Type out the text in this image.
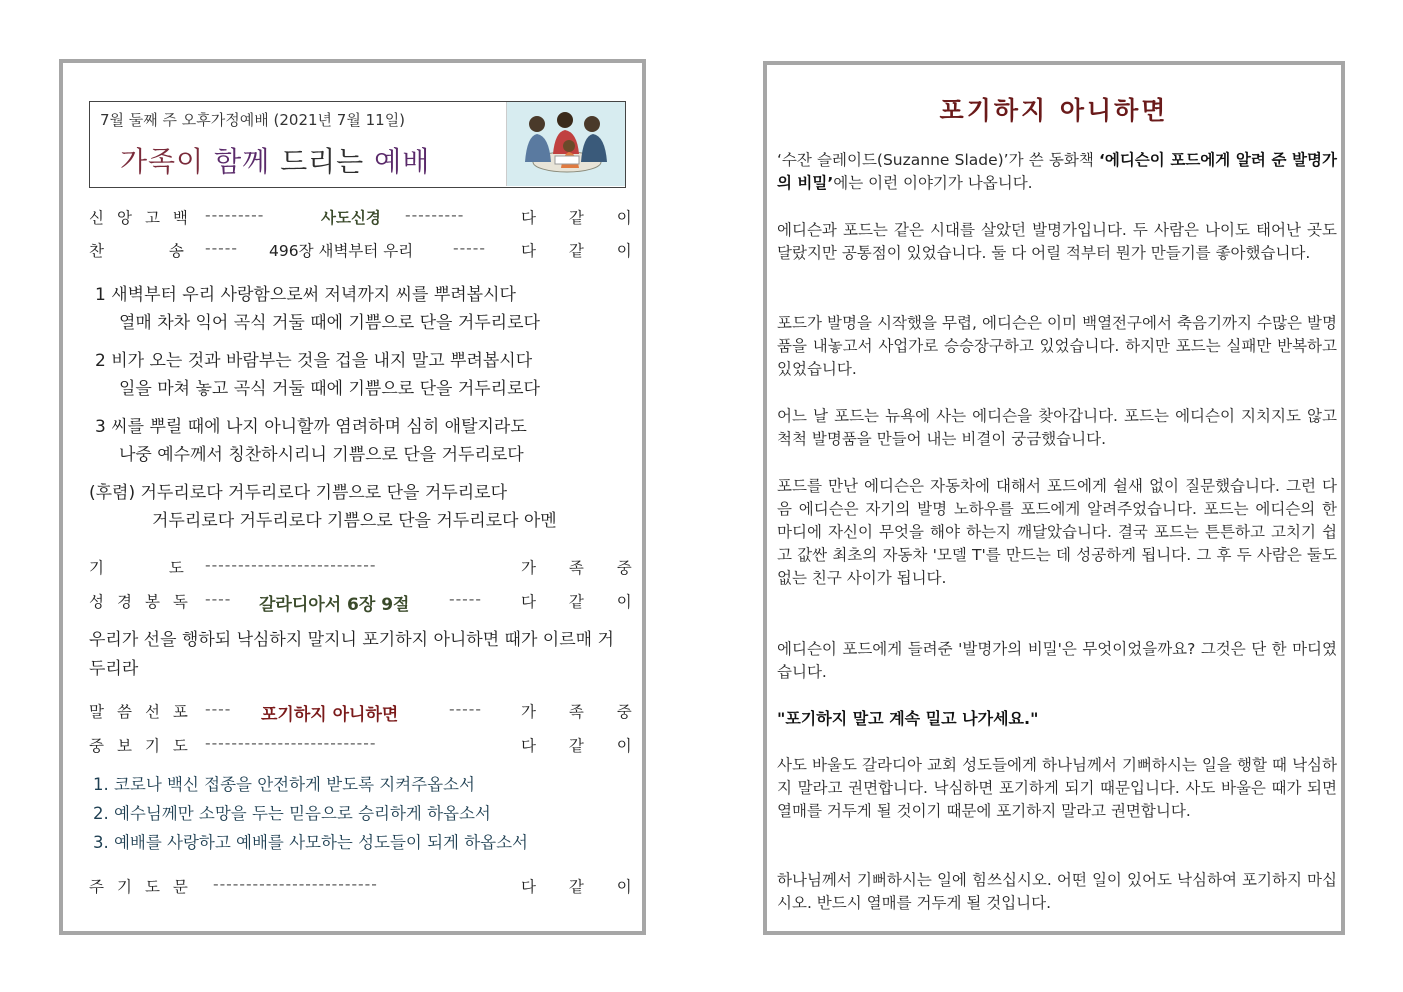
7월 둘째 주 오후가정예배 (2021년 7월 11일)
가족이 함께 드리는 예배
신앙고백 ---------	사도신경 ---------	다 같 이
찬 송 ----- 496장 새벽부터 우리	----- 다 같 이
1 새벽부터 우리 사랑함으로써 저녁까지 씨를 뿌려봅시다
열매 차차 익어 곡식 거둘 때에 기쁨으로 단을 거두리로다
2 비가 오는 것과 바람부는 것을 겁을 내지 말고 뿌려봅시다
일을 마쳐 놓고 곡식 거둘 때에 기쁨으로 단을 거두리로다
3 씨를 뿌릴 때에 나지 아니할까 염려하며 심히 애탈지라도
나중 예수께서 칭찬하시리니 기쁨으로 단을 거두리로다
(후렴) 거두리로다 거두리로다 기쁨으로 단을 거두리로다
거두리로다 거두리로다 기쁨으로 단을 거두리로다 아멘
기 도 --------------------------	가 족 중
성경봉독 ---- 갈라디아서 6장 9절	-----	다 같 이
우리가 선을 행하되 낙심하지 말지니 포기하지 아니하면 때가 이르매 거두리라
말씀선포 ---- 포기하지 아니하면	-----	가 족 중
중보기도 --------------------------	다 같 이
1. 코로나 백신 접종을 안전하게 받도록 지켜주옵소서
2. 예수님께만 소망을 두는 믿음으로 승리하게 하옵소서
3. 예배를 사랑하고 예배를 사모하는 성도들이 되게 하옵소서
주기도문 -------------------------	다 같 이
포기하지 아니하면
‘수잔 슬레이드(Suzanne Slade)’가 쓴 동화책 ‘에디슨이 포드에게 알려 준 발명가의 비밀’에는 이런 이야기가 나옵니다.
에디슨과 포드는 같은 시대를 살았던 발명가입니다. 두 사람은 나이도 태어난 곳도 달랐지만 공통점이 있었습니다. 둘 다 어릴 적부터 뭔가 만들기를 좋아했습니다.
포드가 발명을 시작했을 무렵, 에디슨은 이미 백열전구에서 축음기까지 수많은 발명품을 내놓고서 사업가로 승승장구하고 있었습니다. 하지만 포드는 실패만 반복하고 있었습니다.
어느 날 포드는 뉴욕에 사는 에디슨을 찾아갑니다. 포드는 에디슨이 지치지도 않고 척척 발명품을 만들어 내는 비결이 궁금했습니다.
포드를 만난 에디슨은 자동차에 대해서 포드에게 쉴새 없이 질문했습니다. 그런 다음 에디슨은 자기의 발명 노하우를 포드에게 알려주었습니다. 포드는 에디슨의 한 마디에 자신이 무엇을 해야 하는지 깨달았습니다. 결국 포드는 튼튼하고 고치기 쉽고 값싼 최초의 자동차 '모델 T'를 만드는 데 성공하게 됩니다. 그 후 두 사람은 둘도 없는 친구 사이가 됩니다.
에디슨이 포드에게 들려준 '발명가의 비밀'은 무엇이었을까요? 그것은 단 한 마디였습니다.
"포기하지 말고 계속 밀고 나가세요."
사도 바울도 갈라디아 교회 성도들에게 하나님께서 기뻐하시는 일을 행할 때 낙심하지 말라고 권면합니다. 낙심하면 포기하게 되기 때문입니다. 사도 바울은 때가 되면 열매를 거두게 될 것이기 때문에 포기하지 말라고 권면합니다.
하나님께서 기뻐하시는 일에 힘쓰십시오. 어떤 일이 있어도 낙심하여 포기하지 마십시오. 반드시 열매를 거두게 될 것입니다.
